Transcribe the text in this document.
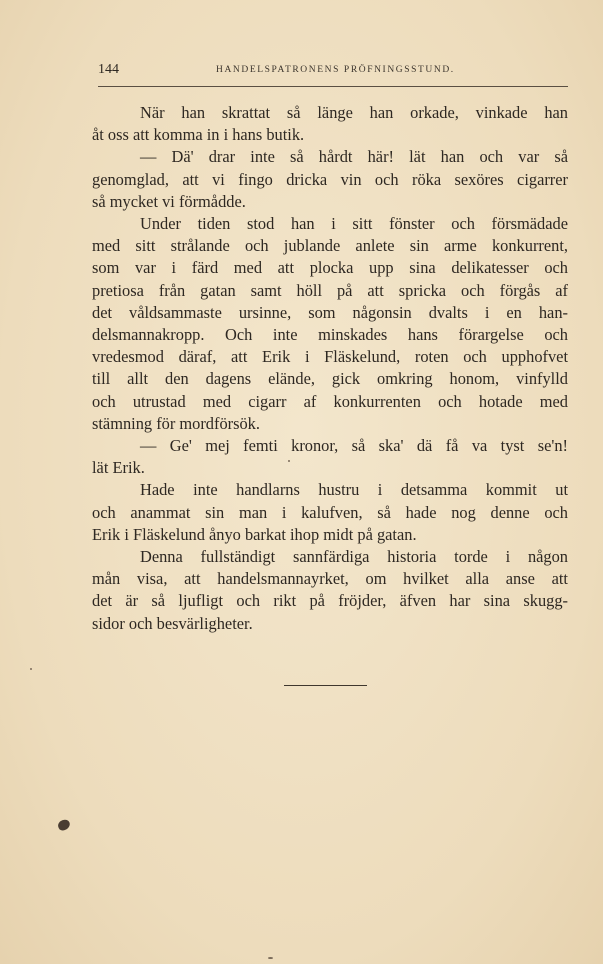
144	HANDELSPATRONENS PRÖFNINGSSTUND.

När han skrattat så länge han orkade, vinkade han
åt oss att komma in i hans butik.

— Dä' drar inte så hårdt här! lät han och var så
genomglad, att vi fingo dricka vin och röka sexöres cigarrer
så mycket vi förmådde.

Under tiden stod han i sitt fönster och försmädade
med sitt strålande och jublande anlete sin arme konkurrent,
som var i färd med att plocka upp sina delikatesser och
pretiosa från gatan samt höll på att spricka och förgås af
det våldsammaste ursinne, som någonsin dvalts i en han-
delsmannakropp. Och inte minskades hans förargelse och
vredesmod däraf, att Erik i Fläskelund, roten och upphofvet
till allt den dagens elände, gick omkring honom, vinfylld
och utrustad med cigarr af konkurrenten och hotade med
stämning för mordförsök.

— Ge' mej femti kronor, så ska' dä få va tyst se'n!
lät Erik.

Hade inte handlarns hustru i detsamma kommit ut
och anammat sin man i kalufven, så hade nog denne och
Erik i Fläskelund ånyo barkat ihop midt på gatan.

Denna fullständigt sannfärdiga historia torde i någon
mån visa, att handelsmannayrket, om hvilket alla anse att
det är så ljufligt och rikt på fröjder, äfven har sina skugg-
sidor och besvärligheter.
